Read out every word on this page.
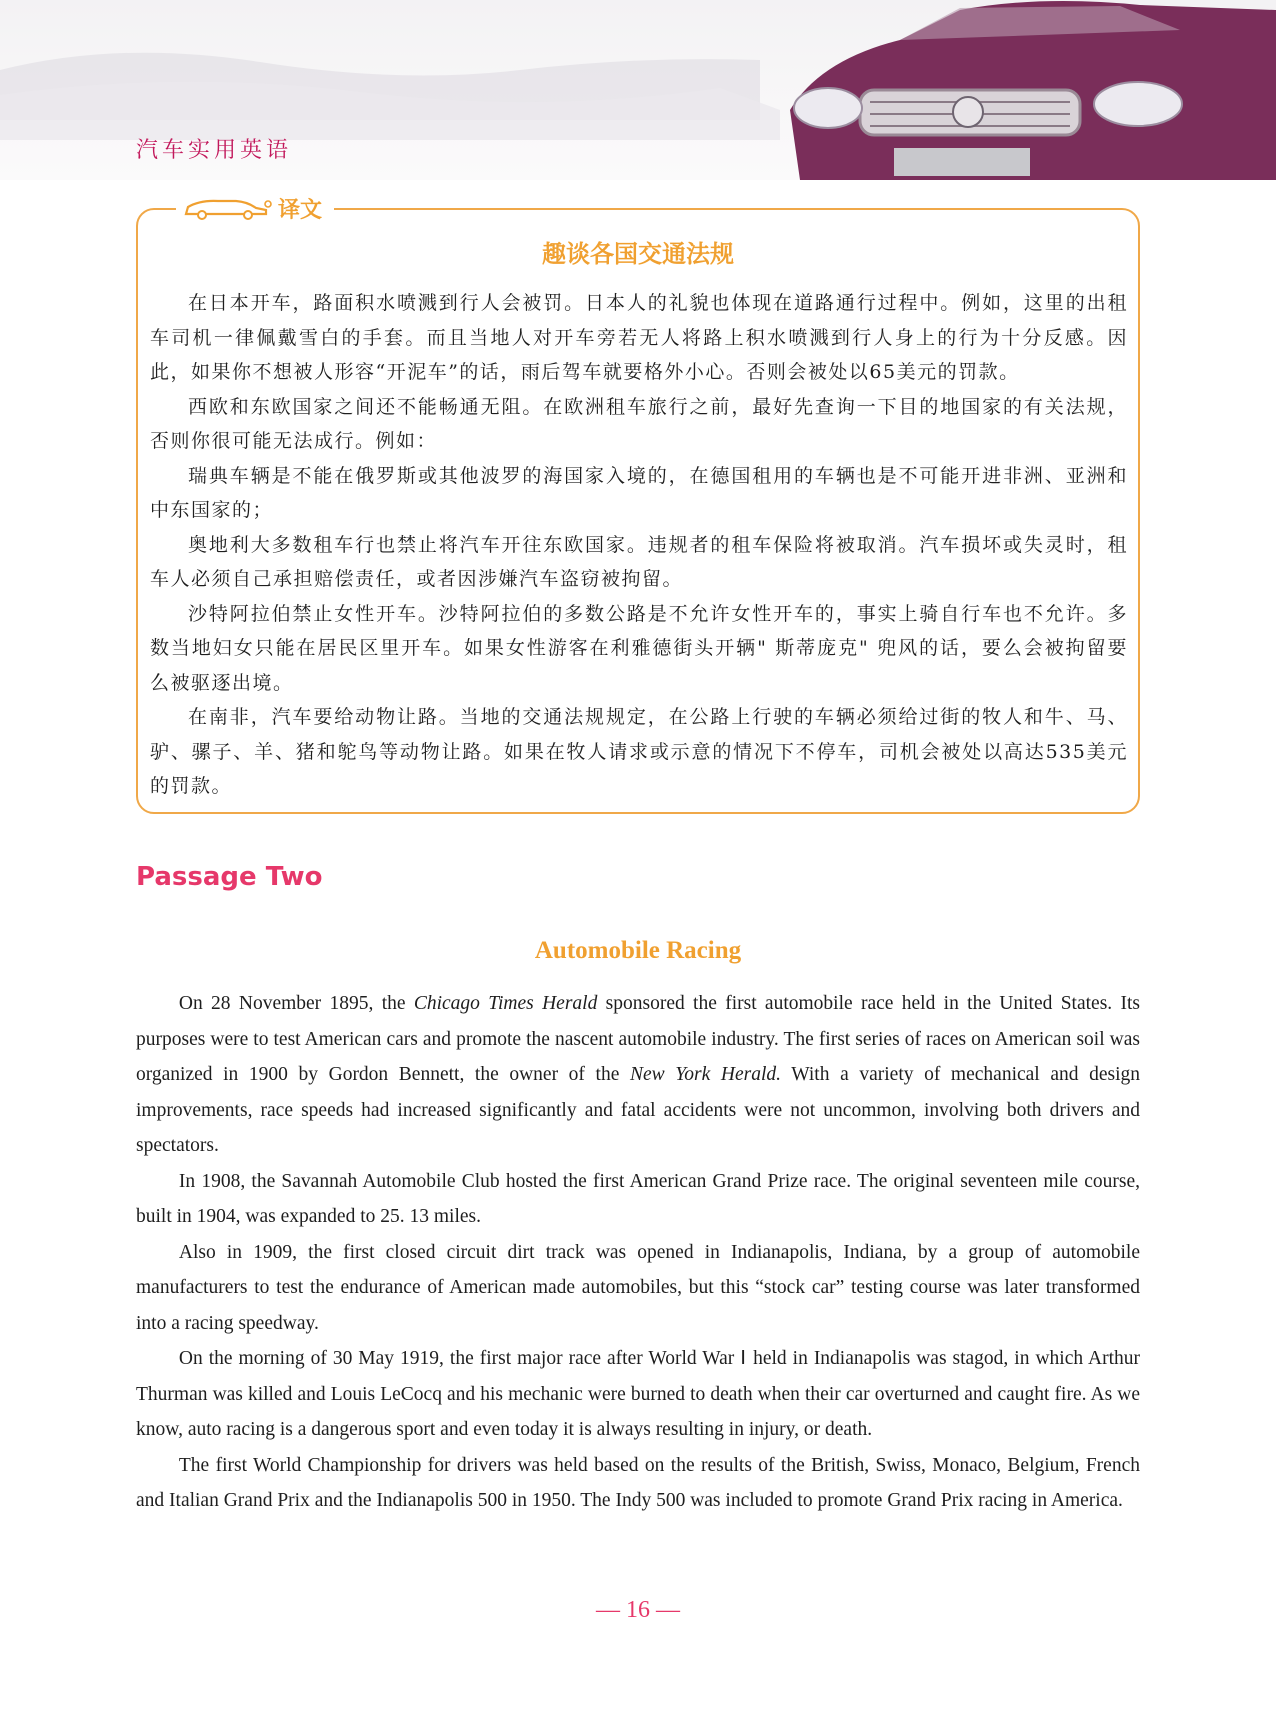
汽车实用英语
译文
趣谈各国交通法规

在日本开车，路面积水喷溅到行人会被罚。日本人的礼貌也体现在道路通行过程中。例如，这里的出租车司机一律佩戴雪白的手套。而且当地人对开车旁若无人将路上积水喷溅到行人身上的行为十分反感。因此，如果你不想被人形容“开泥车”的话，雨后驾车就要格外小心。否则会被处以65美元的罚款。

西欧和东欧国家之间还不能畅通无阻。在欧洲租车旅行之前，最好先查询一下目的地国家的有关法规，否则你很可能无法成行。例如：

瑞典车辆是不能在俄罗斯或其他波罗的海国家入境的，在德国租用的车辆也是不可能开进非洲、亚洲和中东国家的；

奥地利大多数租车行也禁止将汽车开往东欧国家。违规者的租车保险将被取消。汽车损坏或失灵时，租车人必须自己承担赔偿责任，或者因涉嫌汽车盗窃被拘留。

沙特阿拉伯禁止女性开车。沙特阿拉伯的多数公路是不允许女性开车的，事实上骑自行车也不允许。多数当地妇女只能在居民区里开车。如果女性游客在利雅德街头开辆" 斯蒂庞克" 兜风的话，要么会被拘留要么被驱逐出境。

在南非，汽车要给动物让路。当地的交通法规规定，在公路上行驶的车辆必须给过街的牧人和牛、马、驴、骡子、羊、猪和鸵鸟等动物让路。如果在牧人请求或示意的情况下不停车，司机会被处以高达535美元的罚款。

Passage Two
Automobile Racing

On 28 November 1895, the Chicago Times Herald sponsored the first automobile race held in the United States. Its purposes were to test American cars and promote the nascent automobile industry. The first series of races on American soil was organized in 1900 by Gordon Bennett, the owner of the New York Herald. With a variety of mechanical and design improvements, race speeds had increased significantly and fatal accidents were not uncommon, involving both drivers and spectators.

In 1908, the Savannah Automobile Club hosted the first American Grand Prize race. The original seventeen mile course, built in 1904, was expanded to 25. 13 miles.

Also in 1909, the first closed circuit dirt track was opened in Indianapolis, Indiana, by a group of automobile manufacturers to test the endurance of American made automobiles, but this “stock car” testing course was later transformed into a racing speedway.

On the morning of 30 May 1919, the first major race after World War Ⅰ held in Indianapolis was stagod, in which Arthur Thurman was killed and Louis LeCocq and his mechanic were burned to death when their car overturned and caught fire. As we know, auto racing is a dangerous sport and even today it is always resulting in injury, or death.

The first World Championship for drivers was held based on the results of the British, Swiss, Monaco, Belgium, French and Italian Grand Prix and the Indianapolis 500 in 1950. The Indy 500 was included to promote Grand Prix racing in America.

— 16 —
